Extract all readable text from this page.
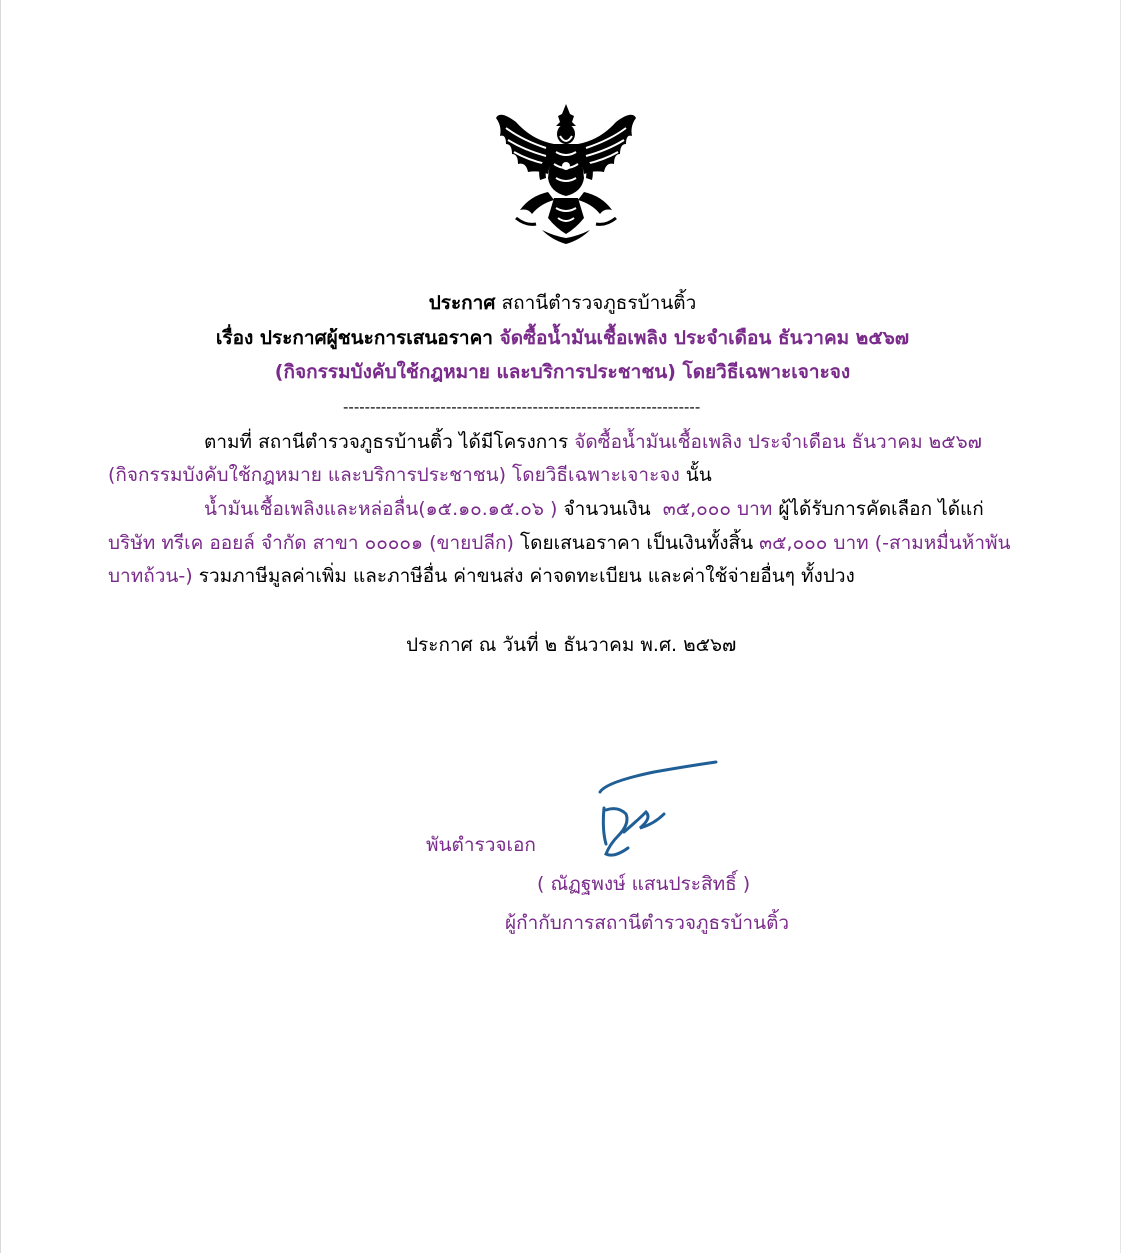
ประกาศ สถานีตำรวจภูธรบ้านติ้ว
เรื่อง ประกาศผู้ชนะการเสนอราคา จัดซื้อน้ำมันเชื้อเพลิง ประจำเดือน ธันวาคม ๒๕๖๗
(กิจกรรมบังคับใช้กฎหมาย และบริการประชาชน) โดยวิธีเฉพาะเจาะจง
------------------------------------------------------------------
ตามที่ สถานีตำรวจภูธรบ้านติ้ว ได้มีโครงการ จัดซื้อน้ำมันเชื้อเพลิง ประจำเดือน ธันวาคม ๒๕๖๗
(กิจกรรมบังคับใช้กฎหมาย และบริการประชาชน) โดยวิธีเฉพาะเจาะจง นั้น
น้ำมันเชื้อเพลิงและหล่อลื่น(๑๕.๑๐.๑๕.๐๖ ) จำนวนเงิน ๓๕,๐๐๐ บาท ผู้ได้รับการคัดเลือก ได้แก่
บริษัท ทรีเค ออยล์ จำกัด สาขา ๐๐๐๐๑ (ขายปลีก) โดยเสนอราคา เป็นเงินทั้งสิ้น ๓๕,๐๐๐ บาท (-สามหมื่นห้าพัน
บาทถ้วน-) รวมภาษีมูลค่าเพิ่ม และภาษีอื่น ค่าขนส่ง ค่าจดทะเบียน และค่าใช้จ่ายอื่นๆ ทั้งปวง
ประกาศ ณ วันที่ ๒ ธันวาคม พ.ศ. ๒๕๖๗
พันตำรวจเอก
( ณัฏฐพงษ์ แสนประสิทธิ์ )
ผู้กำกับการสถานีตำรวจภูธรบ้านติ้ว
